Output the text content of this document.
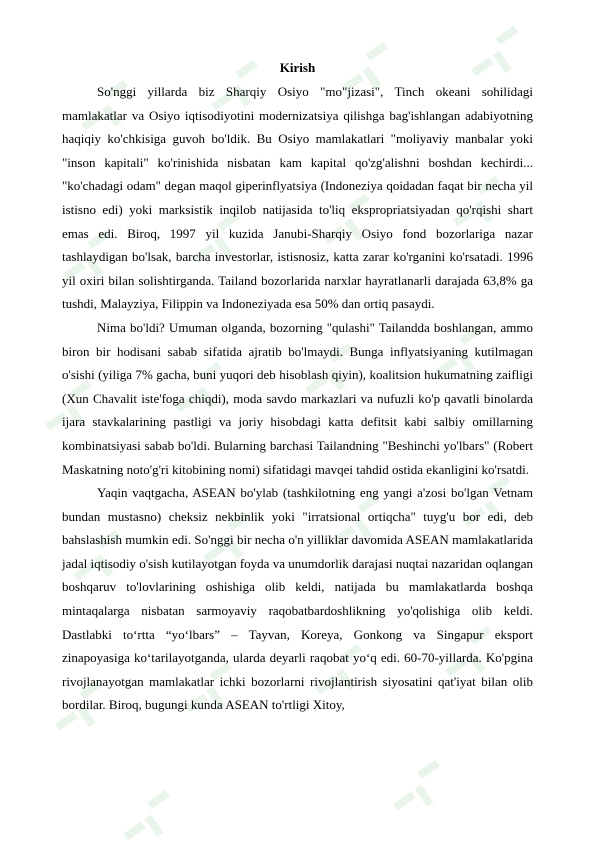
Kirish

So'nggi yillarda biz Sharqiy Osiyo "mo"jizasi", Tinch okeani sohilidagi mamlakatlar va Osiyo iqtisodiyotini modernizatsiya qilishga bag'ishlangan adabiyotning haqiqiy ko'chkisiga guvoh bo'ldik. Bu Osiyo mamlakatlari "moliyaviy manbalar yoki "inson kapitali" ko'rinishida nisbatan kam kapital qo'zg'alishni boshdan kechirdi... "ko'chadagi odam" degan maqol giperinflyatsiya (Indoneziya qoidadan faqat bir necha yil istisno edi) yoki marksistik inqilob natijasida to'liq ekspropriatsiyadan qo'rqishi shart emas edi. Biroq, 1997 yil kuzida Janubi-Sharqiy Osiyo fond bozorlariga nazar tashlaydigan bo'lsak, barcha investorlar, istisnosiz, katta zarar ko'rganini ko'rsatadi. 1996 yil oxiri bilan solishtirganda. Tailand bozorlarida narxlar hayratlanarli darajada 63,8% ga tushdi, Malayziya, Filippin va Indoneziyada esa 50% dan ortiq pasaydi.

Nima bo'ldi? Umuman olganda, bozorning "qulashi" Tailandda boshlangan, ammo biron bir hodisani sabab sifatida ajratib bo'lmaydi. Bunga inflyatsiyaning kutilmagan o'sishi (yiliga 7% gacha, buni yuqori deb hisoblash qiyin), koalitsion hukumatning zaifligi (Xun Chavalit iste'foga chiqdi), moda savdo markazlari va nufuzli ko'p qavatli binolarda ijara stavkalarining pastligi va joriy hisobdagi katta defitsit kabi salbiy omillarning kombinatsiyasi sabab bo'ldi. Bularning barchasi Tailandning "Beshinchi yo'lbars" (Robert Maskatning noto'g'ri kitobining nomi) sifatidagi mavqei tahdid ostida ekanligini ko'rsatdi.

Yaqin vaqtgacha, ASEAN bo'ylab (tashkilotning eng yangi a'zosi bo'lgan Vetnam bundan mustasno) cheksiz nekbinlik yoki "irratsional ortiqcha" tuyg'u bor edi, deb bahslashish mumkin edi. So'nggi bir necha o'n yilliklar davomida ASEAN mamlakatlarida jadal iqtisodiy o'sish kutilayotgan foyda va unumdorlik darajasi nuqtai nazaridan oqlangan boshqaruv to'lovlarining oshishiga olib keldi, natijada bu mamlakatlarda boshqa mintaqalarga nisbatan sarmoyaviy raqobatbardoshlikning yo'qolishiga olib keldi. Dastlabki to‘rtta “yo‘lbars” – Tayvan, Koreya, Gonkong va Singapur eksport zinapoyasiga ko‘tarilayotganda, ularda deyarli raqobat yo‘q edi. 60-70-yillarda. Ko'pgina rivojlanayotgan mamlakatlar ichki bozorlarni rivojlantirish siyosatini qat'iyat bilan olib bordilar. Biroq, bugungi kunda ASEAN to'rtligi Xitoy,
